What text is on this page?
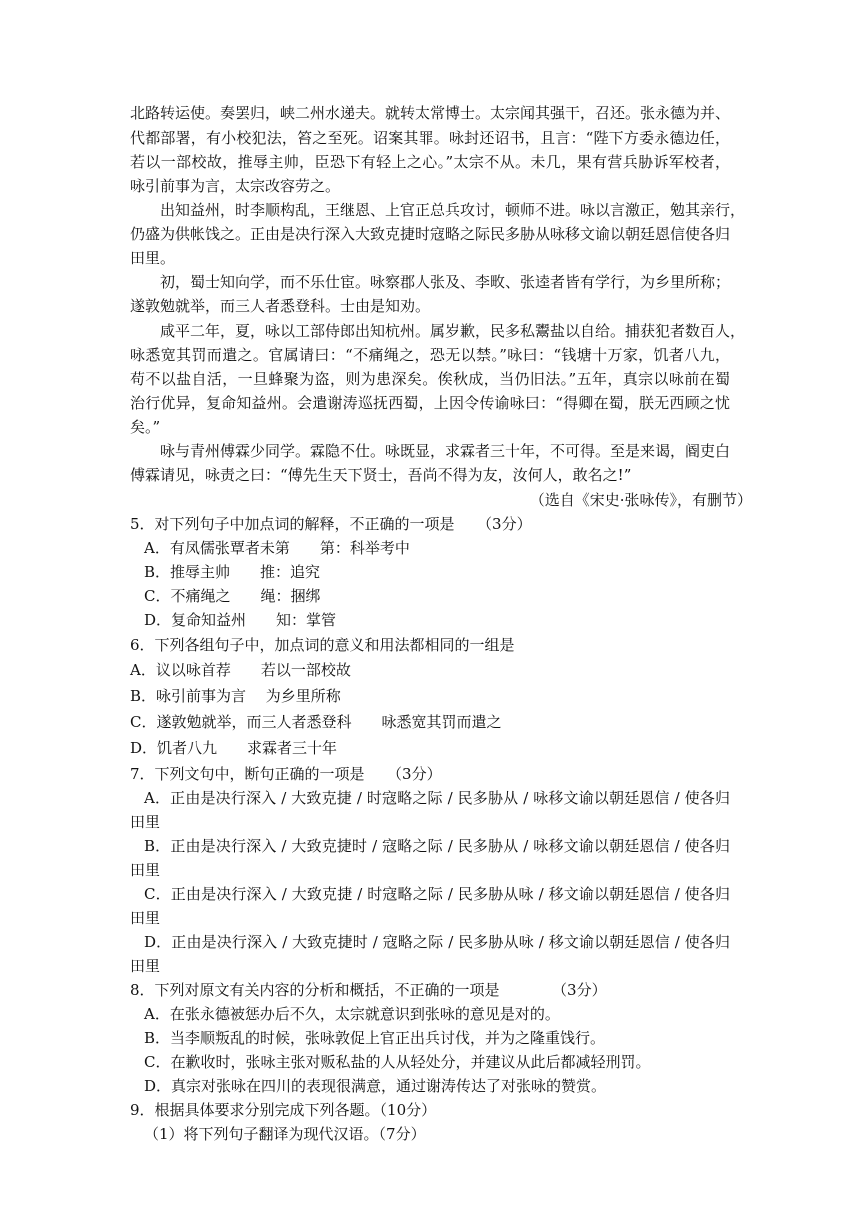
北路转运使。奏罢归，峡二州水递夫。就转太常博士。太宗闻其强干，召还。张永德为并、
代都部署，有小校犯法，笞之至死。诏案其罪。咏封还诏书，且言：“陛下方委永德边任，
若以一部校故，推辱主帅，臣恐下有轻上之心。”太宗不从。未几，果有营兵胁诉军校者，
咏引前事为言，太宗改容劳之。
出知益州，时李顺构乱，王继恩、上官正总兵攻讨，顿师不进。咏以言激正，勉其亲行，
仍盛为供帐饯之。正由是决行深入大致克捷时寇略之际民多胁从咏移文谕以朝廷恩信使各归
田里。
初，蜀士知向学，而不乐仕宦。咏察郡人张及、李畋、张逵者皆有学行，为乡里所称；
遂敦勉就举，而三人者悉登科。士由是知劝。
咸平二年，夏，咏以工部侍郎出知杭州。属岁歉，民多私鬻盐以自给。捕获犯者数百人，
咏悉宽其罚而遣之。官属请曰：“不痛绳之，恐无以禁。”咏曰：“钱塘十万家，饥者八九，
苟不以盐自活，一旦蜂聚为盗，则为患深矣。俟秋成，当仍旧法。”五年，真宗以咏前在蜀
治行优异，复命知益州。会遣谢涛巡抚西蜀，上因令传谕咏曰：“得卿在蜀，朕无西顾之忧
矣。”
咏与青州傅霖少同学。霖隐不仕。咏既显，求霖者三十年，不可得。至是来谒，阍吏白
傅霖请见，咏责之曰：“傅先生天下贤士，吾尚不得为友，汝何人，敢名之!”
（选自《宋史·张咏传》，有删节）
5．对下列句子中加点词的解释，不正确的一项是　　（3分）
A．有凤儒张覃者未第　　第：科举考中
B．推辱主帅　　推：追究
C．不痛绳之　　绳：捆绑
D．复命知益州　　知：掌管
6．下列各组句子中，加点词的意义和用法都相同的一组是
A．议以咏首荐　　若以一部校故
B．咏引前事为言　 为乡里所称
C．遂敦勉就举，而三人者悉登科　　咏悉宽其罚而遣之
D．饥者八九　　求霖者三十年
7．下列文句中，断句正确的一项是　　（3分）
A．正由是决行深入 / 大致克捷 / 时寇略之际 / 民多胁从 / 咏移文谕以朝廷恩信 / 使各归
田里
B．正由是决行深入 / 大致克捷时 / 寇略之际 / 民多胁从 / 咏移文谕以朝廷恩信 / 使各归
田里
C．正由是决行深入 / 大致克捷 / 时寇略之际 / 民多胁从咏 / 移文谕以朝廷恩信 / 使各归
田里
D．正由是决行深入 / 大致克捷时 / 寇略之际 / 民多胁从咏 / 移文谕以朝廷恩信 / 使各归
田里
8．下列对原文有关内容的分析和概括，不正确的一项是　　　　（3分）
A．在张永德被惩办后不久，太宗就意识到张咏的意见是对的。
B．当李顺叛乱的时候，张咏敦促上官正出兵讨伐，并为之隆重饯行。
C．在歉收时，张咏主张对贩私盐的人从轻处分，并建议从此后都减轻刑罚。
D．真宗对张咏在四川的表现很满意，通过谢涛传达了对张咏的赞赏。
9．根据具体要求分别完成下列各题。（10分）
（1）将下列句子翻译为现代汉语。（7分）
